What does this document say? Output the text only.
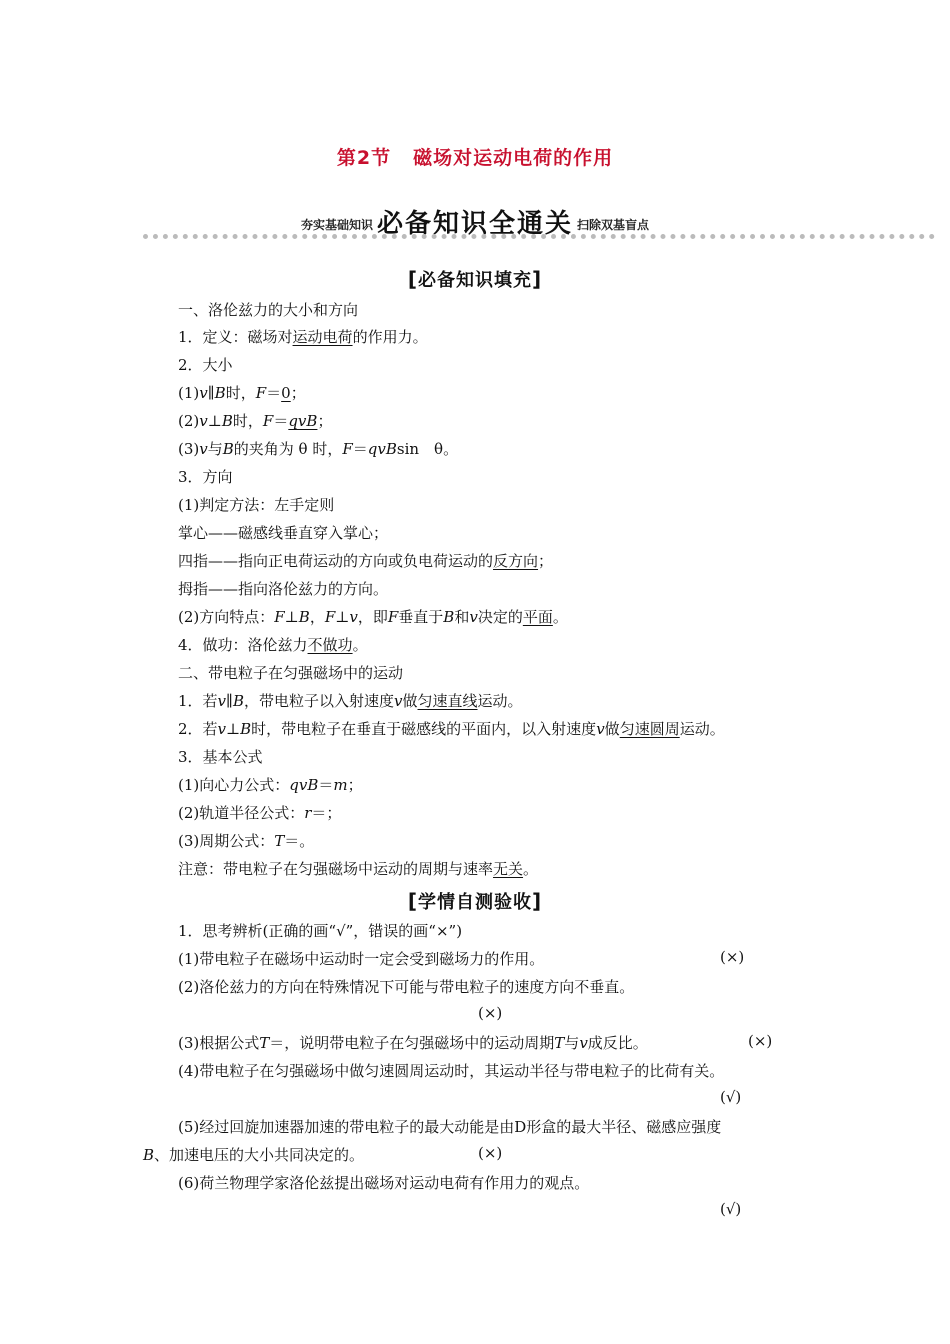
第2节 磁场对运动电荷的作用
夯实基础知识 必备知识全通关 扫除双基盲点
[必备知识填充]
一、洛伦兹力的大小和方向
1．定义：磁场对运动电荷的作用力。
2．大小
(1)v∥B时，F＝0；
(2)v⊥B时，F＝qvB；
(3)v与B的夹角为 θ 时，F＝qvBsin　θ。
3．方向
(1)判定方法：左手定则
掌心——磁感线垂直穿入掌心；
四指——指向正电荷运动的方向或负电荷运动的反方向；
拇指——指向洛伦兹力的方向。
(2)方向特点：F⊥B，F⊥v，即F垂直于B和v决定的平面。
4．做功：洛伦兹力不做功。
二、带电粒子在匀强磁场中的运动
1．若v∥B，带电粒子以入射速度v做匀速直线运动。
2．若v⊥B时，带电粒子在垂直于磁感线的平面内，以入射速度v做匀速圆周运动。
3．基本公式
(1)向心力公式：qvB＝m；
(2)轨道半径公式：r＝；
(3)周期公式：T＝。
注意：带电粒子在匀强磁场中运动的周期与速率无关。
[学情自测验收]
1．思考辨析(正确的画“√”，错误的画“×”)
(1)带电粒子在磁场中运动时一定会受到磁场力的作用。	(×)
(2)洛伦兹力的方向在特殊情况下可能与带电粒子的速度方向不垂直。
(×)
(3)根据公式T＝，说明带电粒子在匀强磁场中的运动周期T与v成反比。	(×)
(4)带电粒子在匀强磁场中做匀速圆周运动时，其运动半径与带电粒子的比荷有关。
(√)
(5)经过回旋加速器加速的带电粒子的最大动能是由D形盒的最大半径、磁感应强度
B、加速电压的大小共同决定的。	(×)
(6)荷兰物理学家洛伦兹提出磁场对运动电荷有作用力的观点。
(√)
